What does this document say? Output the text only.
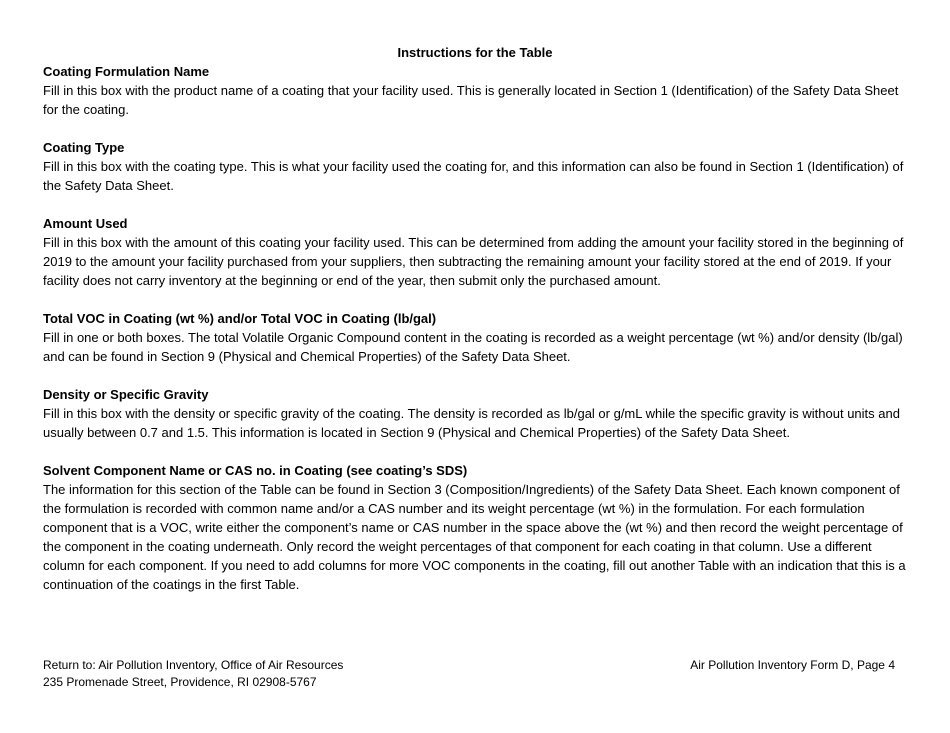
Instructions for the Table

Coating Formulation Name

Fill in this box with the product name of a coating that your facility used. This is generally located in Section 1 (Identification) of the Safety Data Sheet for the coating.

Coating Type

Fill in this box with the coating type. This is what your facility used the coating for, and this information can also be found in Section 1 (Identification) of the Safety Data Sheet.

Amount Used

Fill in this box with the amount of this coating your facility used. This can be determined from adding the amount your facility stored in the beginning of 2019 to the amount your facility purchased from your suppliers, then subtracting the remaining amount your facility stored at the end of 2019. If your facility does not carry inventory at the beginning or end of the year, then submit only the purchased amount.

Total VOC in Coating (wt %) and/or Total VOC in Coating (lb/gal)

Fill in one or both boxes. The total Volatile Organic Compound content in the coating is recorded as a weight percentage (wt %) and/or density (lb/gal) and can be found in Section 9 (Physical and Chemical Properties) of the Safety Data Sheet.

Density or Specific Gravity

Fill in this box with the density or specific gravity of the coating. The density is recorded as lb/gal or g/mL while the specific gravity is without units and usually between 0.7 and 1.5. This information is located in Section 9 (Physical and Chemical Properties) of the Safety Data Sheet.

Solvent Component Name or CAS no. in Coating (see coating’s SDS)

The information for this section of the Table can be found in Section 3 (Composition/Ingredients) of the Safety Data Sheet. Each known component of the formulation is recorded with common name and/or a CAS number and its weight percentage (wt %) in the formulation. For each formulation component that is a VOC, write either the component’s name or CAS number in the space above the (wt %) and then record the weight percentage of the component in the coating underneath. Only record the weight percentages of that component for each coating in that column. Use a different column for each component. If you need to add columns for more VOC components in the coating, fill out another Table with an indication that this is a continuation of the coatings in the first Table.

Return to: Air Pollution Inventory, Office of Air Resources
235 Promenade Street, Providence, RI 02908-5767
Air Pollution Inventory Form D, Page 4
